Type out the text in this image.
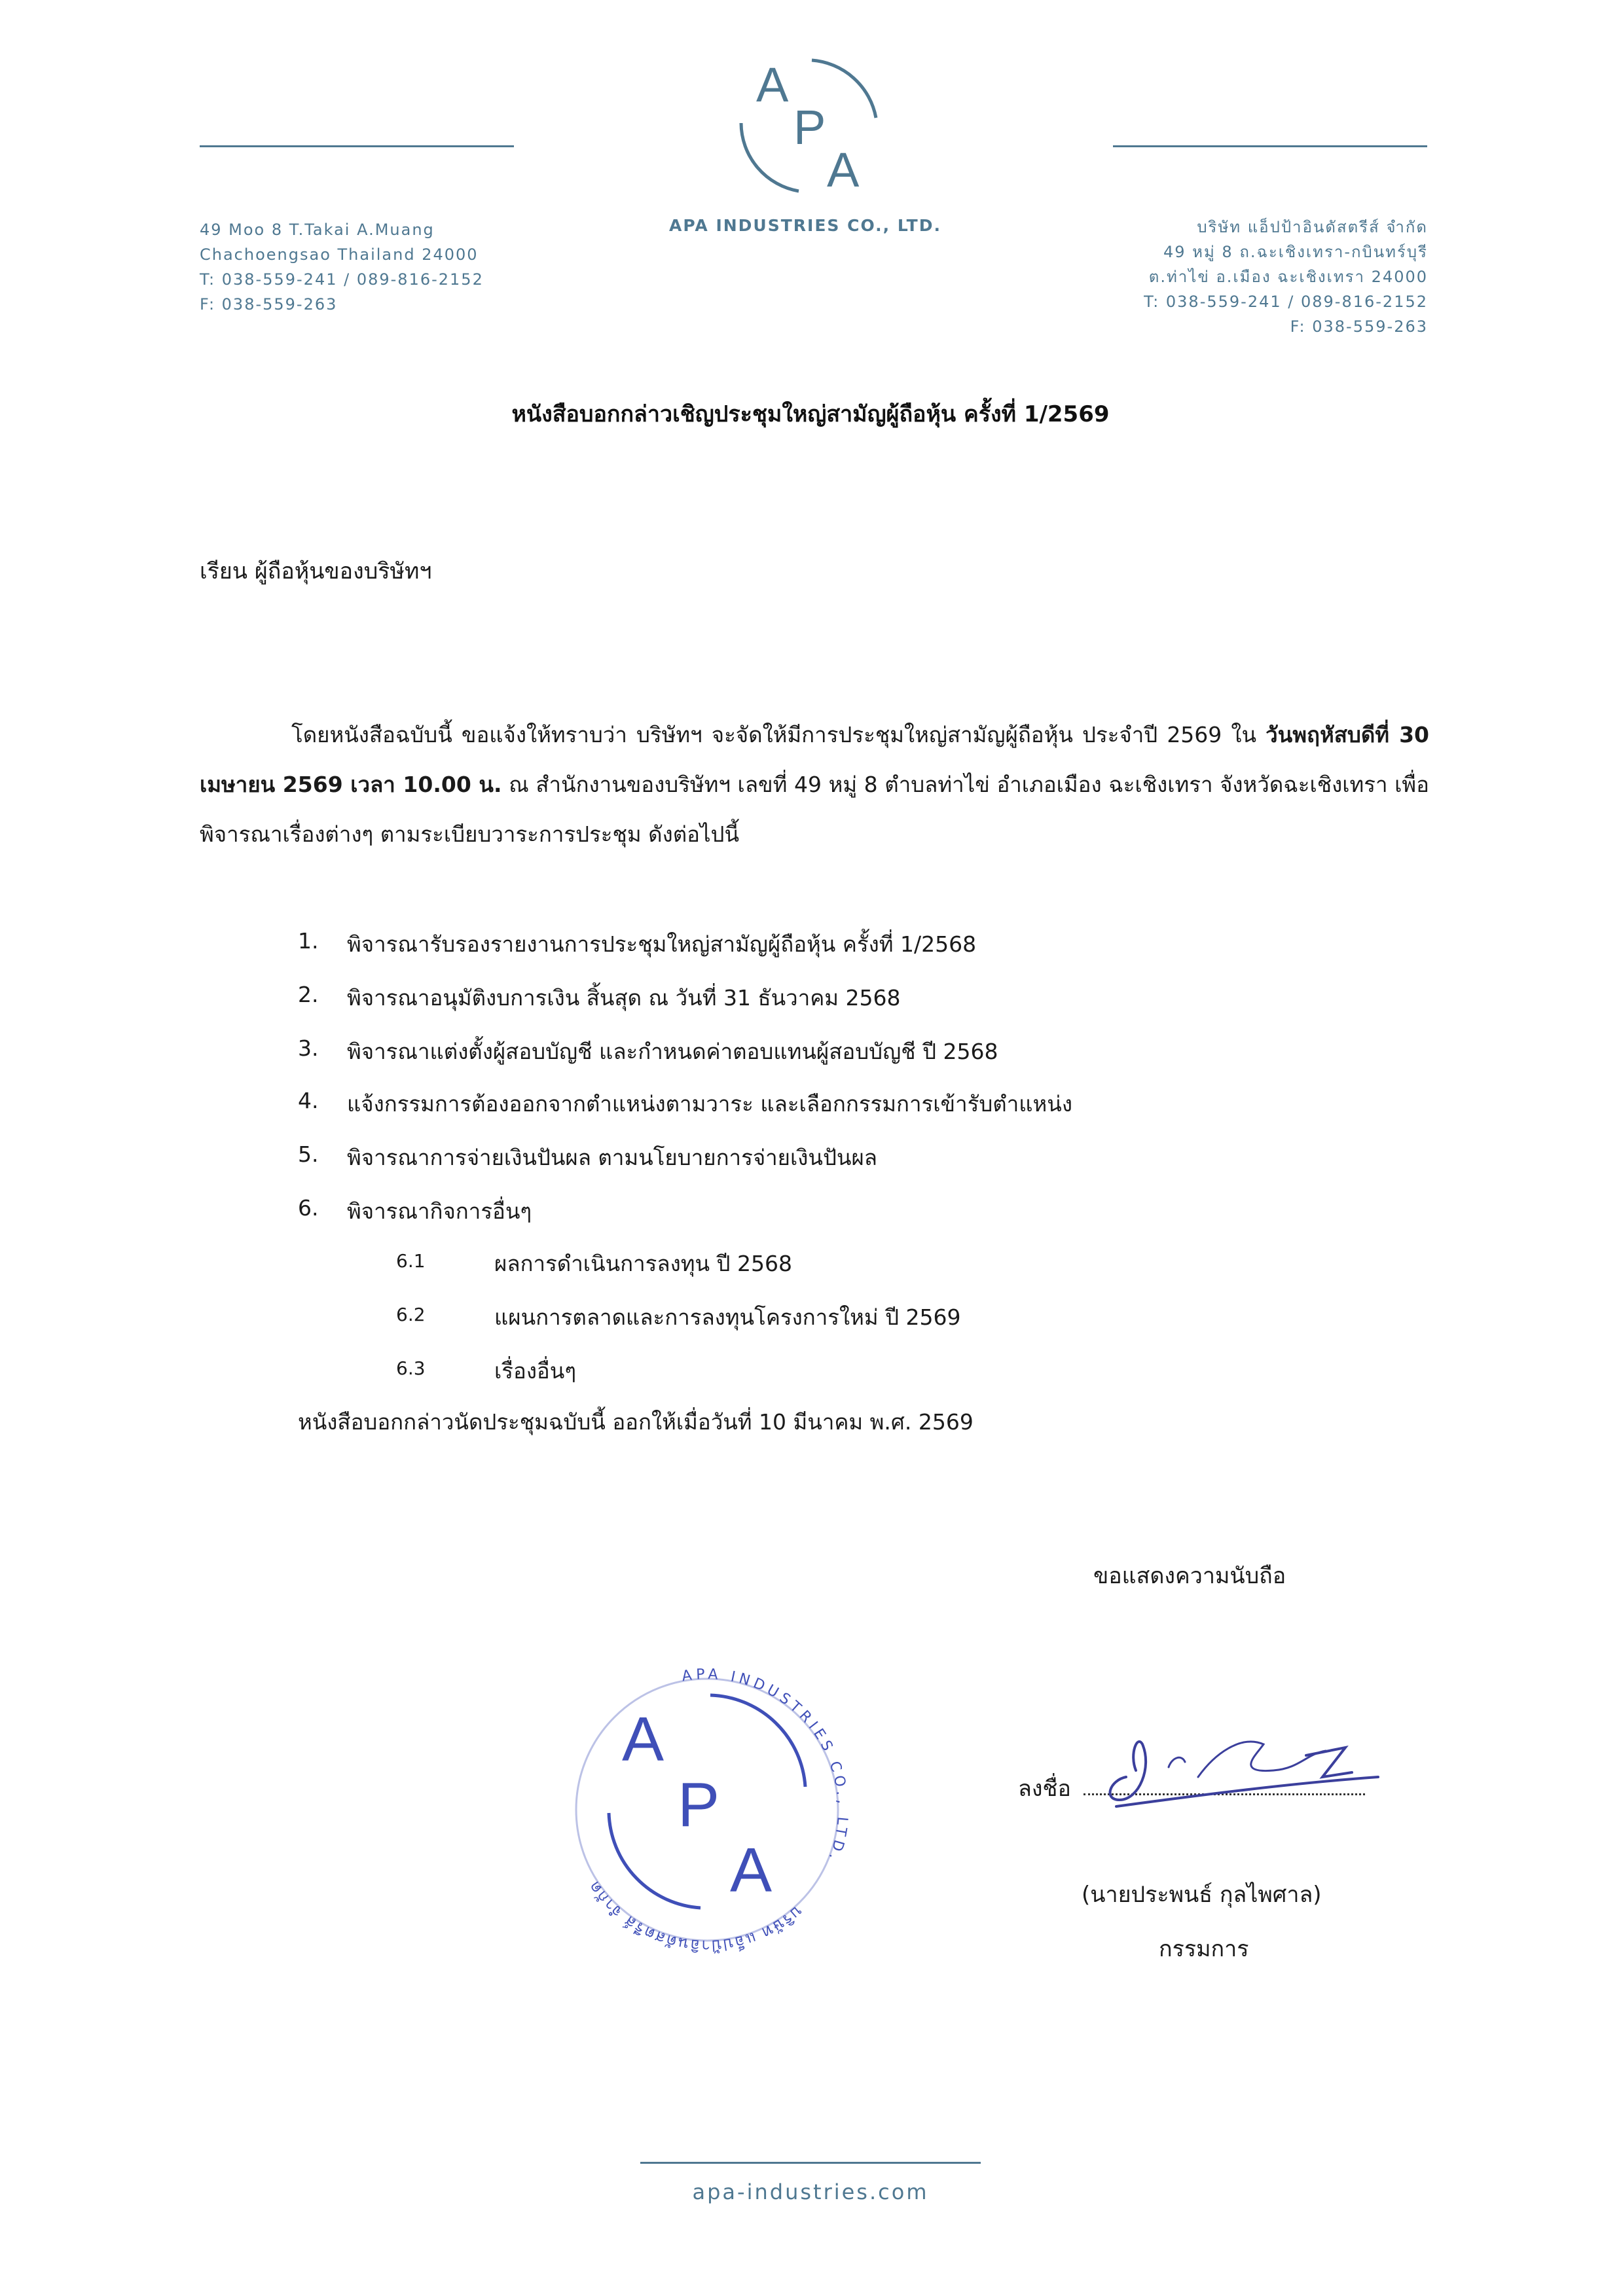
A
P
A
APA INDUSTRIES CO., LTD.
49 Moo 8 T.Takai A.Muang
Chachoengsao Thailand 24000
T: 038-559-241 / 089-816-2152
F: 038-559-263
บริษัท แอ็ปป้าอินดัสตรีส์ จำกัด
49 หมู่ 8 ถ.ฉะเชิงเทรา-กบินทร์บุรี
ต.ท่าไข่ อ.เมือง ฉะเชิงเทรา 24000
T: 038-559-241 / 089-816-2152
F: 038-559-263
หนังสือบอกกล่าวเชิญประชุมใหญ่สามัญผู้ถือหุ้น ครั้งที่ 1/2569
เรียน ผู้ถือหุ้นของบริษัทฯ
โดยหนังสือฉบับนี้ ขอแจ้งให้ทราบว่า บริษัทฯ จะจัดให้มีการประชุมใหญ่สามัญผู้ถือหุ้น ประจำปี 2569 ใน วันพฤหัสบดีที่ 30 เมษายน 2569 เวลา 10.00 น. ณ สำนักงานของบริษัทฯ เลขที่ 49 หมู่ 8 ตำบลท่าไข่ อำเภอเมือง ฉะเชิงเทรา จังหวัดฉะเชิงเทรา เพื่อพิจารณาเรื่องต่างๆ ตามระเบียบวาระการประชุม ดังต่อไปนี้
1. พิจารณารับรองรายงานการประชุมใหญ่สามัญผู้ถือหุ้น ครั้งที่ 1/2568
2. พิจารณาอนุมัติงบการเงิน สิ้นสุด ณ วันที่ 31 ธันวาคม 2568
3. พิจารณาแต่งตั้งผู้สอบบัญชี และกำหนดค่าตอบแทนผู้สอบบัญชี ปี 2568
4. แจ้งกรรมการต้องออกจากตำแหน่งตามวาระ และเลือกกรรมการเข้ารับตำแหน่ง
5. พิจารณาการจ่ายเงินปันผล ตามนโยบายการจ่ายเงินปันผล
6. พิจารณากิจการอื่นๆ
6.1	ผลการดำเนินการลงทุน ปี 2568
6.2	แผนการตลาดและการลงทุนโครงการใหม่ ปี 2569
6.3	เรื่องอื่นๆ
หนังสือบอกกล่าวนัดประชุมฉบับนี้ ออกให้เมื่อวันที่ 10 มีนาคม พ.ศ. 2569
ขอแสดงความนับถือ
APA INDUSTRIES CO., LTD.
บริษัท แอ็ปป้าอินดัสตรีส์ จำกัด
A
P
A
ลงชื่อ
(นายประพนธ์ กุลไพศาล)
กรรมการ
apa-industries.com
